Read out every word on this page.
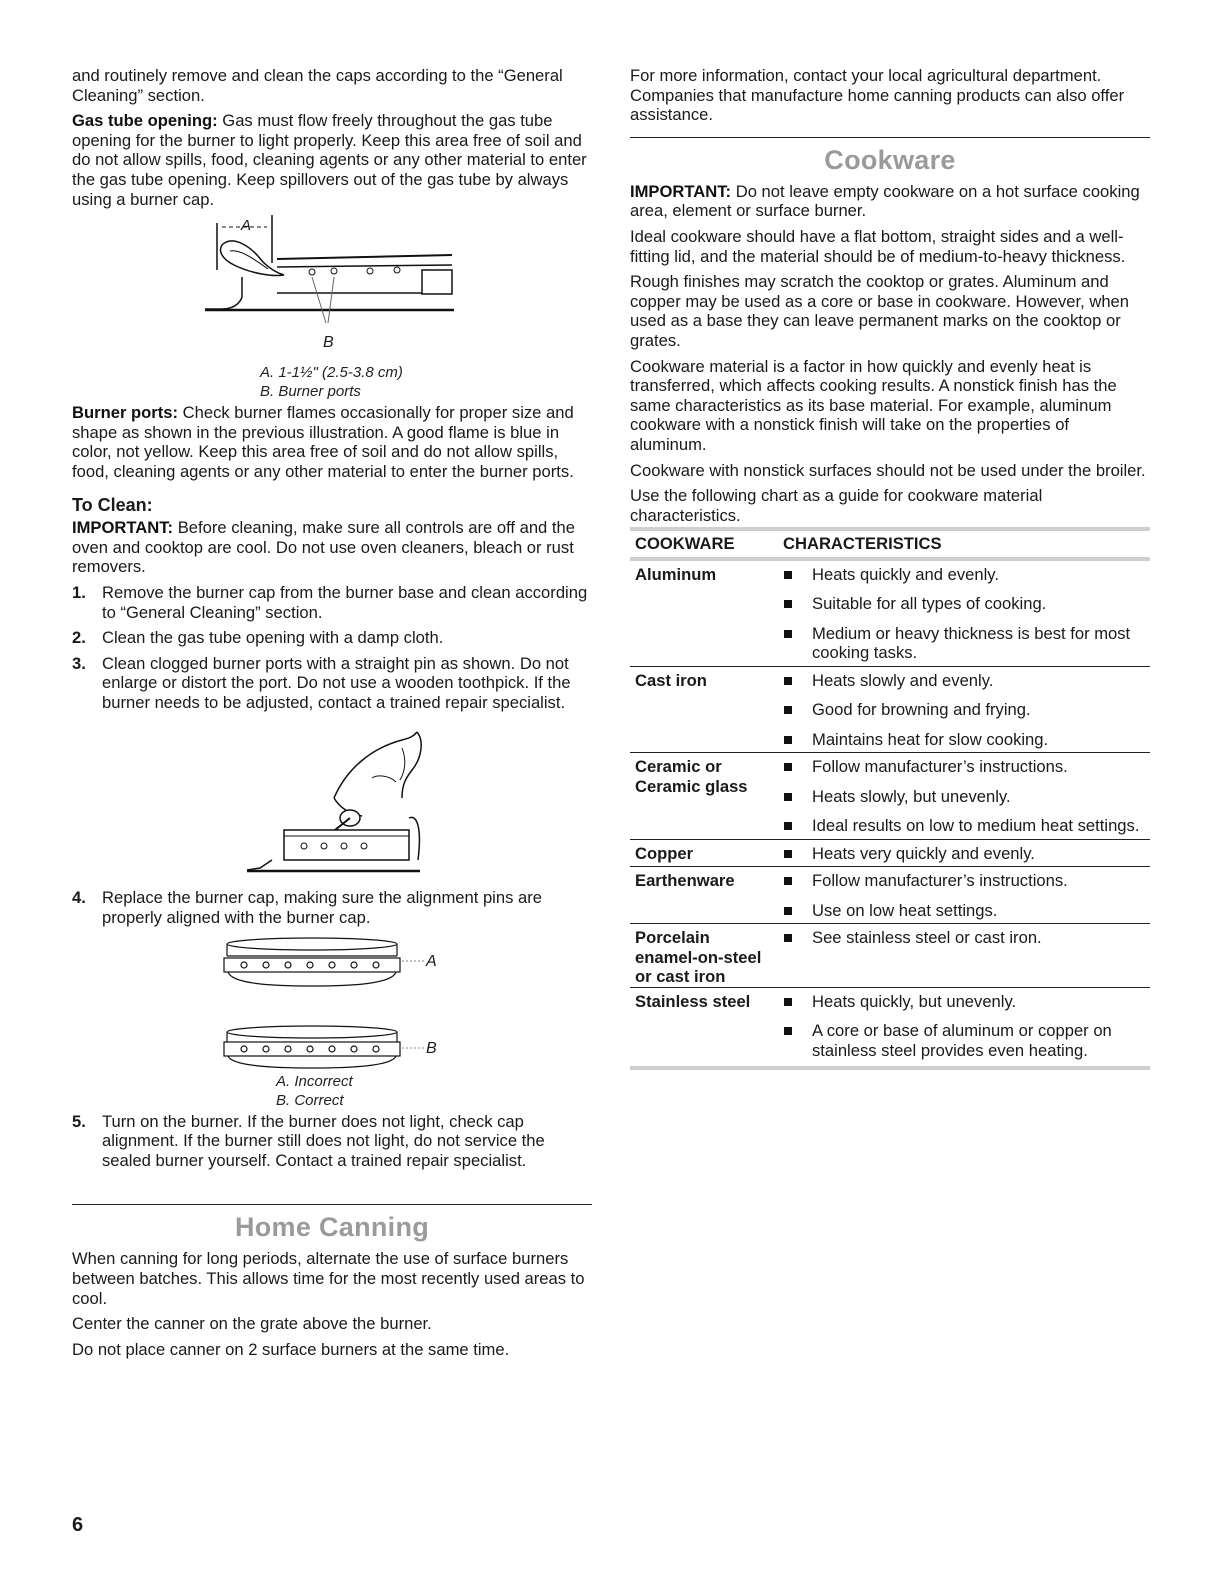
and routinely remove and clean the caps according to the “General Cleaning” section.

Gas tube opening: Gas must flow freely throughout the gas tube opening for the burner to light properly. Keep this area free of soil and do not allow spills, food, cleaning agents or any other material to enter the gas tube opening. Keep spillovers out of the gas tube by always using a burner cap.

A
B
A. 1-1½" (2.5-3.8 cm)
B. Burner ports

Burner ports: Check burner flames occasionally for proper size and shape as shown in the previous illustration. A good flame is blue in color, not yellow. Keep this area free of soil and do not allow spills, food, cleaning agents or any other material to enter the burner ports.

To Clean:

IMPORTANT: Before cleaning, make sure all controls are off and the oven and cooktop are cool. Do not use oven cleaners, bleach or rust removers.

1. Remove the burner cap from the burner base and clean according to “General Cleaning” section.
2. Clean the gas tube opening with a damp cloth.
3. Clean clogged burner ports with a straight pin as shown. Do not enlarge or distort the port. Do not use a wooden toothpick. If the burner needs to be adjusted, contact a trained repair specialist.
4. Replace the burner cap, making sure the alignment pins are properly aligned with the burner cap.
A
B
A. Incorrect
B. Correct
5. Turn on the burner. If the burner does not light, check cap alignment. If the burner still does not light, do not service the sealed burner yourself. Contact a trained repair specialist.
Home Canning

When canning for long periods, alternate the use of surface burners between batches. This allows time for the most recently used areas to cool.

Center the canner on the grate above the burner.

Do not place canner on 2 surface burners at the same time.

For more information, contact your local agricultural department. Companies that manufacture home canning products can also offer assistance.

Cookware

IMPORTANT: Do not leave empty cookware on a hot surface cooking area, element or surface burner.

Ideal cookware should have a flat bottom, straight sides and a well-fitting lid, and the material should be of medium-to-heavy thickness.

Rough finishes may scratch the cooktop or grates. Aluminum and copper may be used as a core or base in cookware. However, when used as a base they can leave permanent marks on the cooktop or grates.

Cookware material is a factor in how quickly and evenly heat is transferred, which affects cooking results. A nonstick finish has the same characteristics as its base material. For example, aluminum cookware with a nonstick finish will take on the properties of aluminum.

Cookware with nonstick surfaces should not be used under the broiler.

Use the following chart as a guide for cookware material characteristics.

COOKWARE	CHARACTERISTICS
Aluminum	Heats quickly and evenly.
Suitable for all types of cooking.
Medium or heavy thickness is best for most cooking tasks.

Cast iron	Heats slowly and evenly.
Good for browning and frying.
Maintains heat for slow cooking.

Ceramic or Ceramic glass	Follow manufacturer’s instructions.
Heats slowly, but unevenly.
Ideal results on low to medium heat settings.

Copper	Heats very quickly and evenly.

Earthenware	Follow manufacturer’s instructions.
Use on low heat settings.

Porcelain enamel-on-steel or cast iron	See stainless steel or cast iron.

Stainless steel	Heats quickly, but unevenly.
A core or base of aluminum or copper on stainless steel provides even heating.
6
